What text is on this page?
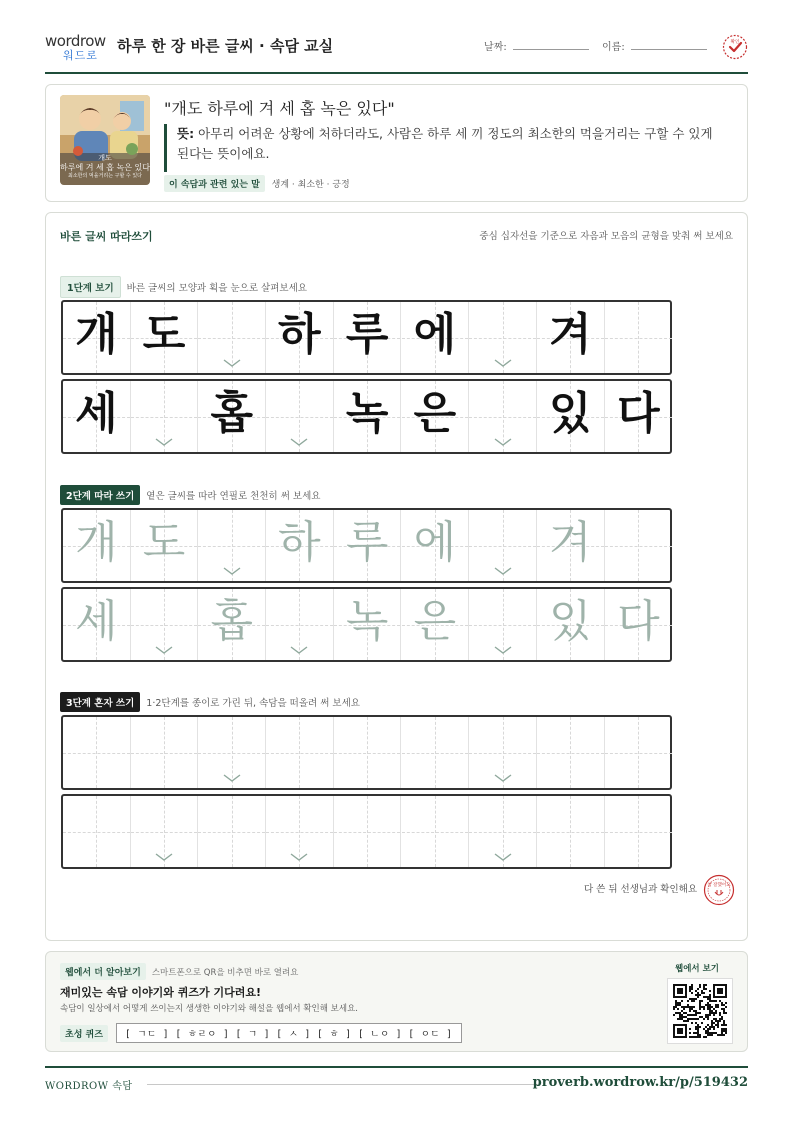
wordrow
워드로
하루 한 장 바른 글씨 · 속담 교실	날짜:	이름:	확인
개도
하루에 겨 세 홉 녹은 있다
최소한의 먹을거리는 구할 수 있다
"개도 하루에 겨 세 홉 녹은 있다"
뜻: 아무리 어려운 상황에 처하더라도, 사람은 하루 세 끼 정도의 최소한의 먹을거리는 구할 수 있게 된다는 뜻이에요.
이 속담과 관련 있는 말 생계 · 최소한 · 긍정
바른 글씨 따라쓰기	중심 십자선을 기준으로 자음과 모음의 균형을 맞춰 써 보세요
1단계 보기 바른 글씨의 모양과 획을 눈으로 살펴보세요
개 도 하 루 에 겨
세 홉 녹 은 있 다
2단계 따라 쓰기 옅은 글씨를 따라 연필로 천천히 써 보세요
개 도 하 루 에 겨
세 홉 녹 은 있 다
3단계 혼자 쓰기 1·2단계를 종이로 가린 뒤, 속담을 떠올려 써 보세요
다 쓴 뒤 선생님과 확인해요 참 잘했어요
웹에서 더 알아보기 스마트폰으로 QR을 비추면 바로 열려요
재미있는 속담 이야기와 퀴즈가 기다려요!
속담이 일상에서 어떻게 쓰이는지 생생한 이야기와 해설을 웹에서 확인해 보세요.
초성 퀴즈 [ ㄱㄷ ] [ ㅎㄹㅇ ] [ ㄱ ] [ ㅅ ] [ ㅎ ] [ ㄴㅇ ] [ ㅇㄷ ]
웹에서 보기
WORDROW 속담	proverb.wordrow.kr/p/519432
